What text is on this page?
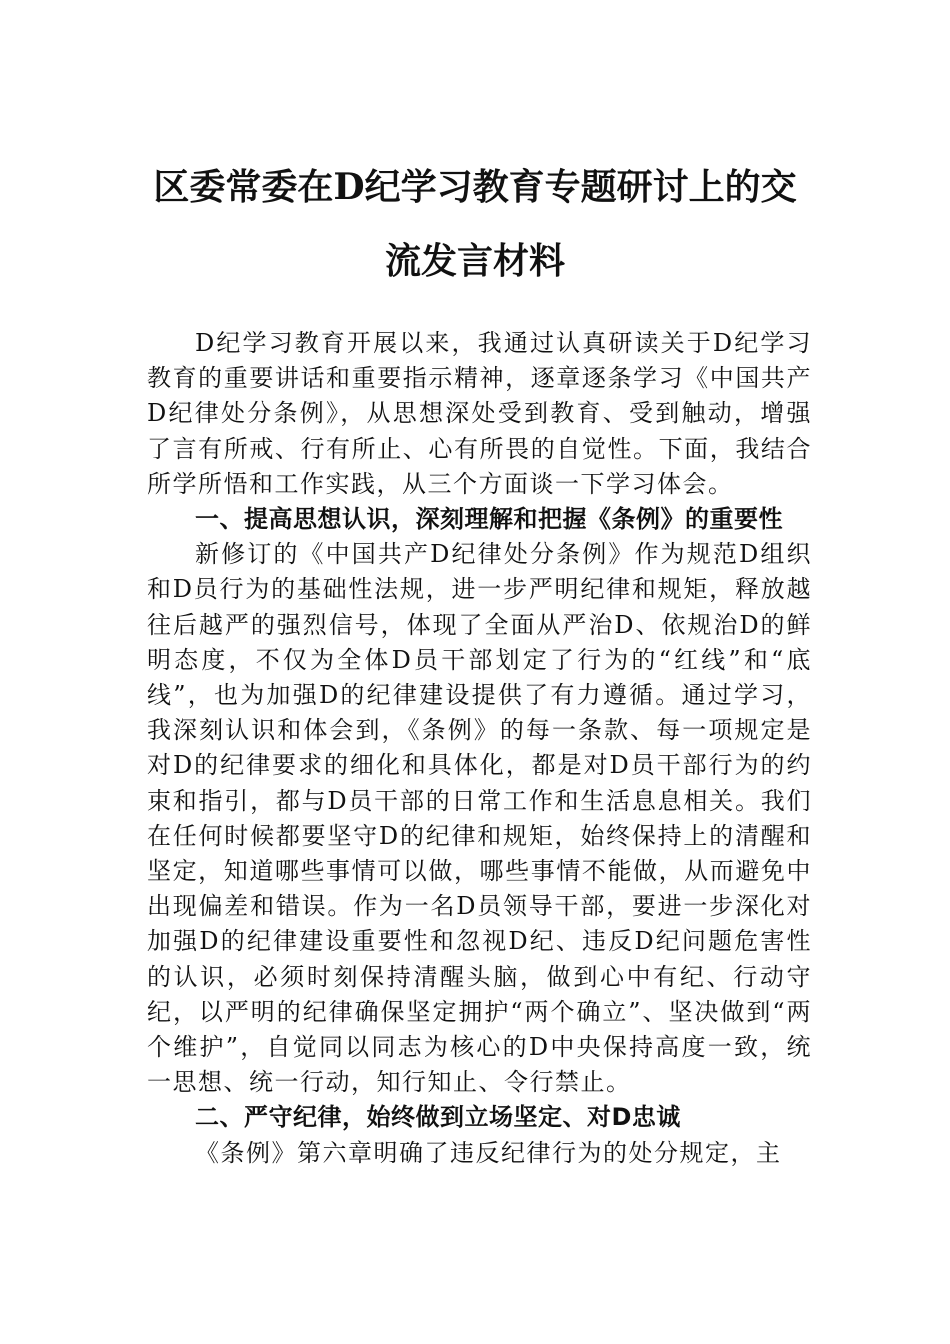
区委常委在D纪学习教育专题研讨上的交
流发言材料

D纪学习教育开展以来，我通过认真研读关于D纪学习教育的重要讲话和重要指示精神，逐章逐条学习《中国共产D纪律处分条例》，从思想深处受到教育、受到触动，增强了言有所戒、行有所止、心有所畏的自觉性。下面，我结合所学所悟和工作实践，从三个方面谈一下学习体会。

一、提高思想认识，深刻理解和把握《条例》的重要性

新修订的《中国共产D纪律处分条例》作为规范D组织和D员行为的基础性法规，进一步严明纪律和规矩，释放越往后越严的强烈信号，体现了全面从严治D、依规治D的鲜明态度，不仅为全体D员干部划定了行为的“红线”和“底线”，也为加强D的纪律建设提供了有力遵循。通过学习，我深刻认识和体会到，《条例》的每一条款、每一项规定是对D的纪律要求的细化和具体化，都是对D员干部行为的约束和指引，都与D员干部的日常工作和生活息息相关。我们在任何时候都要坚守D的纪律和规矩，始终保持上的清醒和坚定，知道哪些事情可以做，哪些事情不能做，从而避免中出现偏差和错误。作为一名D员领导干部，要进一步深化对加强D的纪律建设重要性和忽视D纪、违反D纪问题危害性的认识，必须时刻保持清醒头脑，做到心中有纪、行动守纪，以严明的纪律确保坚定拥护“两个确立”、坚决做到“两个维护”，自觉同以同志为核心的D中央保持高度一致，统一思想、统一行动，知行知止、令行禁止。

二、严守纪律，始终做到立场坚定、对D忠诚

《条例》第六章明确了违反纪律行为的处分规定，主
